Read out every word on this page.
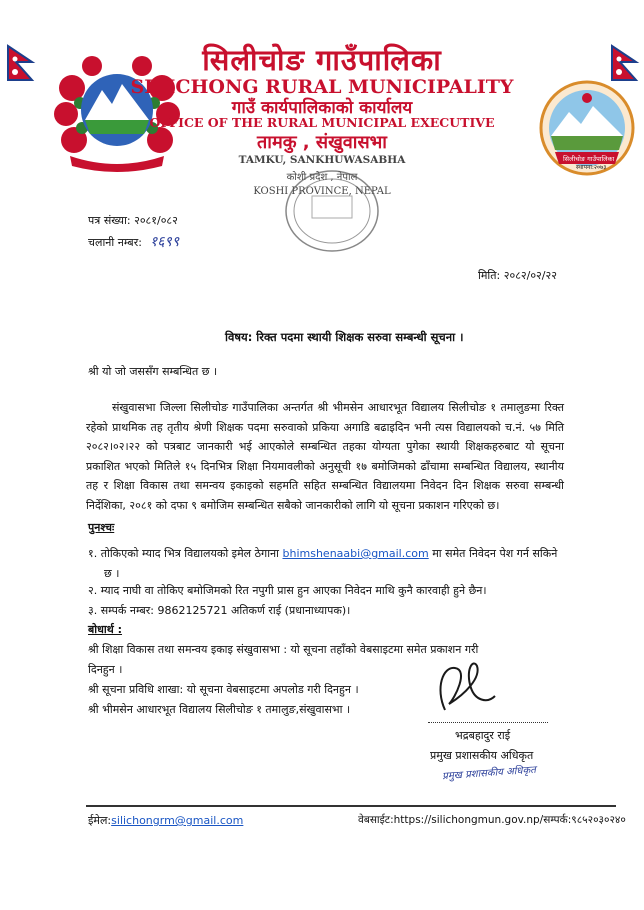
सिलीचोङ गाउँपालिका
सिलीचोङ गाउँपालिका
स्थापना:२०७३
सिलीचोङ गाउँपालिका
SILICHONG RURAL MUNICIPALITY
गाउँ कार्यपालिकाको कार्यालय
OFFICE OF THE RURAL MUNICIPAL EXECUTIVE
तामकु , संखुवासभा
TAMKU, SANKHUWASABHA
कोशी प्रदेश , नेपाल
KOSHI PROVINCE, NEPAL
पत्र संख्या: २०८१/०८२
चलानी नम्बर: १६९९
मिति: २०८२/०२/२२
विषय: रिक्त पदमा स्थायी शिक्षक सरुवा सम्बन्धी सूचना ।
श्री यो जो जससँग सम्बन्धित छ ।
संखुवासभा जिल्ला सिलीचोङ गाउँपालिका अन्तर्गत श्री भीमसेन आधारभूत विद्यालय सिलीचोङ १ तमालुङमा रिक्त रहेको प्राथमिक तह तृतीय श्रेणी शिक्षक पदमा सरुवाको प्रकिया अगाडि बढाइदिन भनी त्यस विद्यालयको च.नं. ५७ मिति २०८२।०२।२२ को पत्रबाट जानकारी भई आएकोले सम्बन्धित तहका योग्यता पुगेका स्थायी शिक्षकहरुबाट यो सूचना प्रकाशित भएको मितिले १५ दिनभित्र शिक्षा नियमावलीको अनुसूची १७ बमोजिमको ढाँचामा सम्बन्धित विद्यालय, स्थानीय तह र शिक्षा विकास तथा समन्वय इकाइको सहमति सहित सम्बन्धित विद्यालयमा निवेदन दिन शिक्षक सरुवा सम्बन्धी निर्देशिका, २०८१ को दफा ९ बमोजिम सम्बन्धित सबैको जानकारीको लागि यो सूचना प्रकाशन गरिएको छ।
पुनश्चः
१. तोकिएको म्याद भित्र विद्यालयको इमेल ठेगाना bhimshenaabi@gmail.com मा समेत निवेदन पेश गर्न सकिने
छ ।
२. म्याद नाघी वा तोकिए बमोजिमको रित नपुगी प्रास हुन आएका निवेदन माथि कुनै कारवाही हुने छैन।
३. सम्पर्क नम्बर: 9862125721 अतिकर्ण राई (प्रधानाध्यापक)।
बोधार्थ :
श्री शिक्षा विकास तथा समन्वय इकाइ संखुवासभा : यो सूचना तहाँको वेबसाइटमा समेत प्रकाशन गरी
दिनहुन ।
श्री सूचना प्रविधि शाखा: यो सूचना वेबसाइटमा अपलोड गरी दिनहुन ।
श्री भीमसेन आधारभूत विद्यालय सिलीचोङ १ तमालुङ,संखुवासभा ।
भद्रबहादुर राई
प्रमुख प्रशासकीय अधिकृत
प्रमुख प्रशासकीय अधिकृत
ईमेल:silichongrm@gmail.com	वेबसाईट:https://silichongmun.gov.np/सम्पर्क:९८५२०३०२४०
